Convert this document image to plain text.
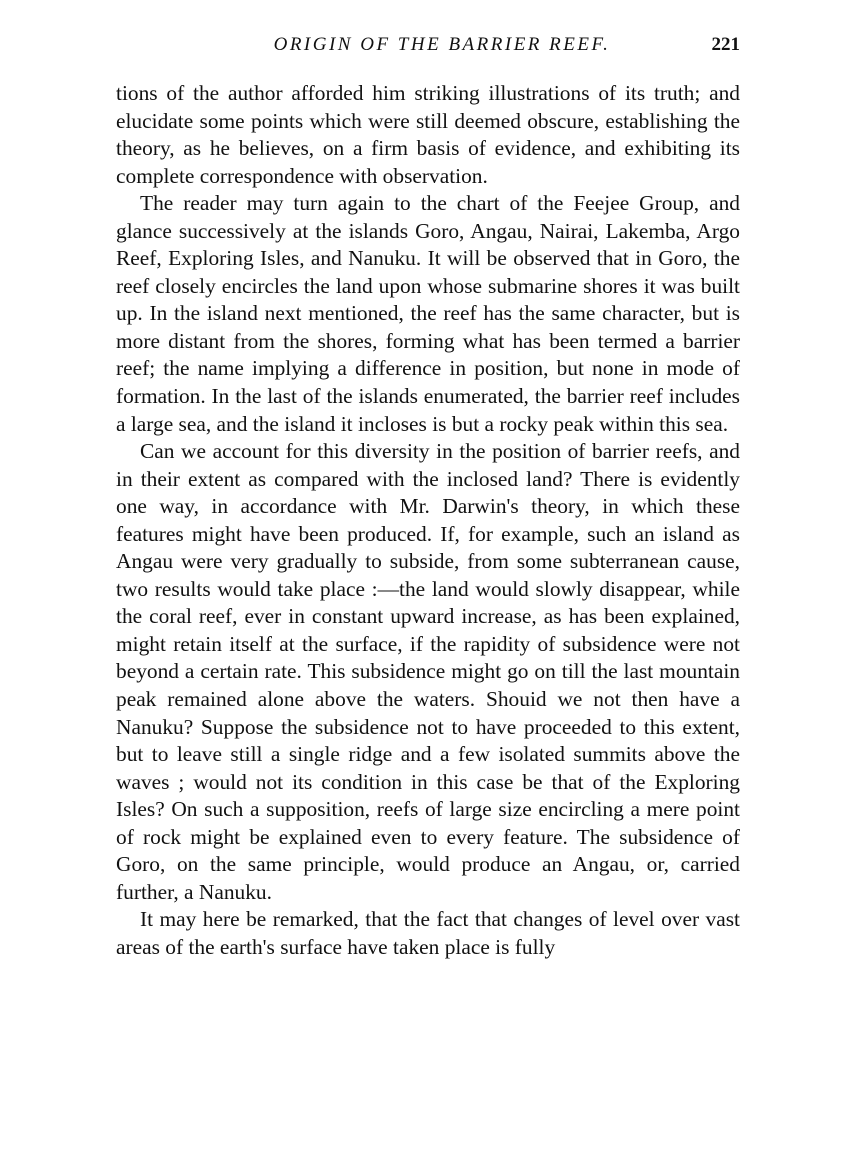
ORIGIN OF THE BARRIER REEF.	221

tions of the author afforded him striking illustrations of its truth; and elucidate some points which were still deemed obscure, establishing the theory, as he believes, on a firm basis of evidence, and exhibiting its complete correspondence with observation.

The reader may turn again to the chart of the Feejee Group, and glance successively at the islands Goro, Angau, Nairai, Lakemba, Argo Reef, Exploring Isles, and Nanuku. It will be observed that in Goro, the reef closely encircles the land upon whose submarine shores it was built up. In the island next mentioned, the reef has the same character, but is more distant from the shores, forming what has been termed a barrier reef; the name implying a difference in position, but none in mode of formation. In the last of the islands enumerated, the barrier reef includes a large sea, and the island it incloses is but a rocky peak within this sea.

Can we account for this diversity in the position of barrier reefs, and in their extent as compared with the inclosed land? There is evidently one way, in accordance with Mr. Darwin's theory, in which these features might have been produced. If, for example, such an island as Angau were very gradually to subside, from some subterranean cause, two results would take place :—the land would slowly disappear, while the coral reef, ever in constant upward increase, as has been explained, might retain itself at the surface, if the rapidity of subsidence were not beyond a certain rate. This subsidence might go on till the last mountain peak remained alone above the waters. Shouid we not then have a Nanuku? Suppose the subsidence not to have proceeded to this extent, but to leave still a single ridge and a few isolated summits above the waves ; would not its condition in this case be that of the Exploring Isles? On such a supposition, reefs of large size encircling a mere point of rock might be explained even to every feature. The subsidence of Goro, on the same principle, would produce an Angau, or, carried further, a Nanuku.

It may here be remarked, that the fact that changes of level over vast areas of the earth's surface have taken place is fully
